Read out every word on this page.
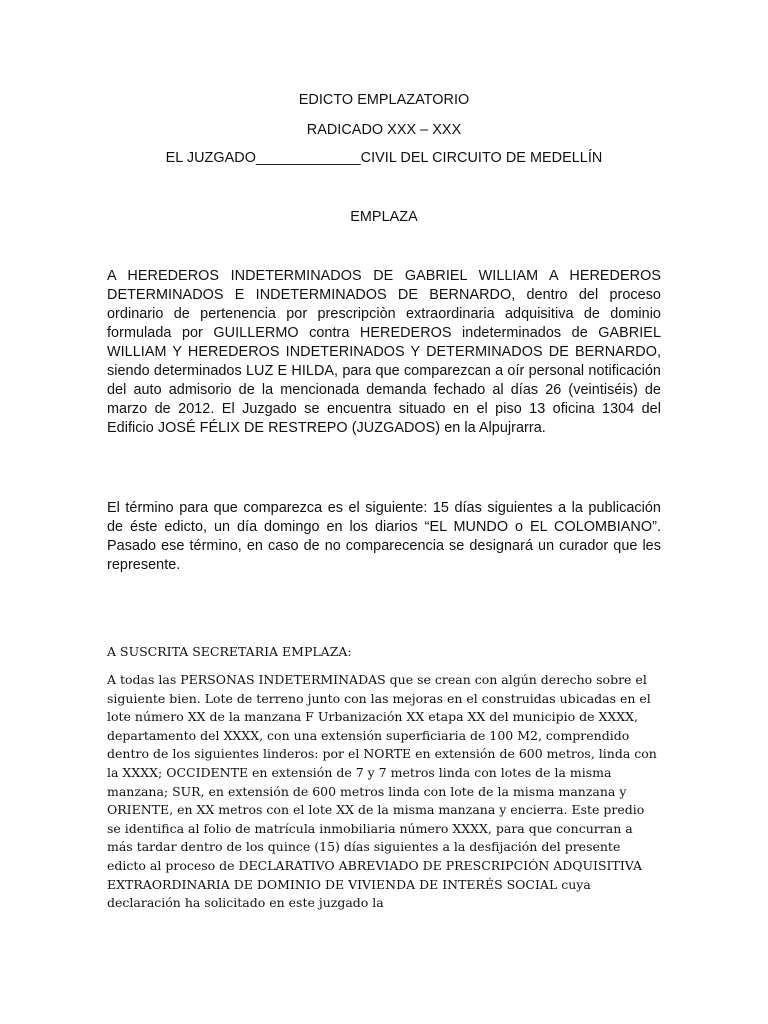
EDICTO EMPLAZATORIO
RADICADO XXX – XXX
EL JUZGADO_____________CIVIL DEL CIRCUITO DE MEDELLÍN
EMPLAZA

A HEREDEROS INDETERMINADOS DE GABRIEL WILLIAM A HEREDEROS DETERMINADOS E INDETERMINADOS DE BERNARDO, dentro del proceso ordinario de pertenencia por prescripciòn extraordinaria adquisitiva de dominio formulada por GUILLERMO contra HEREDEROS indeterminados de GABRIEL WILLIAM Y HEREDEROS INDETERINADOS Y DETERMINADOS DE BERNARDO, siendo determinados LUZ E HILDA, para que comparezcan a oír personal notificación del auto admisorio de la mencionada demanda fechado al días 26 (veintiséis) de marzo de 2012. El Juzgado se encuentra situado en el piso 13 oficina 1304 del Edificio JOSÉ FÉLIX DE RESTREPO (JUZGADOS) en la Alpujrarra.

El término para que comparezca es el siguiente: 15 días siguientes a la publicación de éste edicto, un día domingo en los diarios “EL MUNDO o EL COLOMBIANO”. Pasado ese término, en caso de no comparecencia se designará un curador que les represente.

A SUSCRITA SECRETARIA EMPLAZA:

A todas las PERSONAS INDETERMINADAS que se crean con algún derecho sobre el siguiente bien. Lote de terreno junto con las mejoras en el construidas ubicadas en el lote número XX de la manzana F Urbanización XX etapa XX del municipio de XXXX, departamento del XXXX, con una extensión superficiaria de 100 M2, comprendido dentro de los siguientes linderos: por el NORTE en extensión de 600 metros, linda con la XXXX; OCCIDENTE en extensión de 7 y 7 metros linda con lotes de la misma manzana; SUR, en extensión de 600 metros linda con lote de la misma manzana y ORIENTE, en XX metros con el lote XX de la misma manzana y encierra. Este predio se identifica al folio de matrícula inmobiliaria número XXXX, para que concurran a más tardar dentro de los quince (15) días siguientes a la desfijación del presente edicto al proceso de DECLARATIVO ABREVIADO DE PRESCRIPCIÓN ADQUISITIVA EXTRAORDINARIA DE DOMINIO DE VIVIENDA DE INTERÉS SOCIAL cuya declaración ha solicitado en este juzgado la
